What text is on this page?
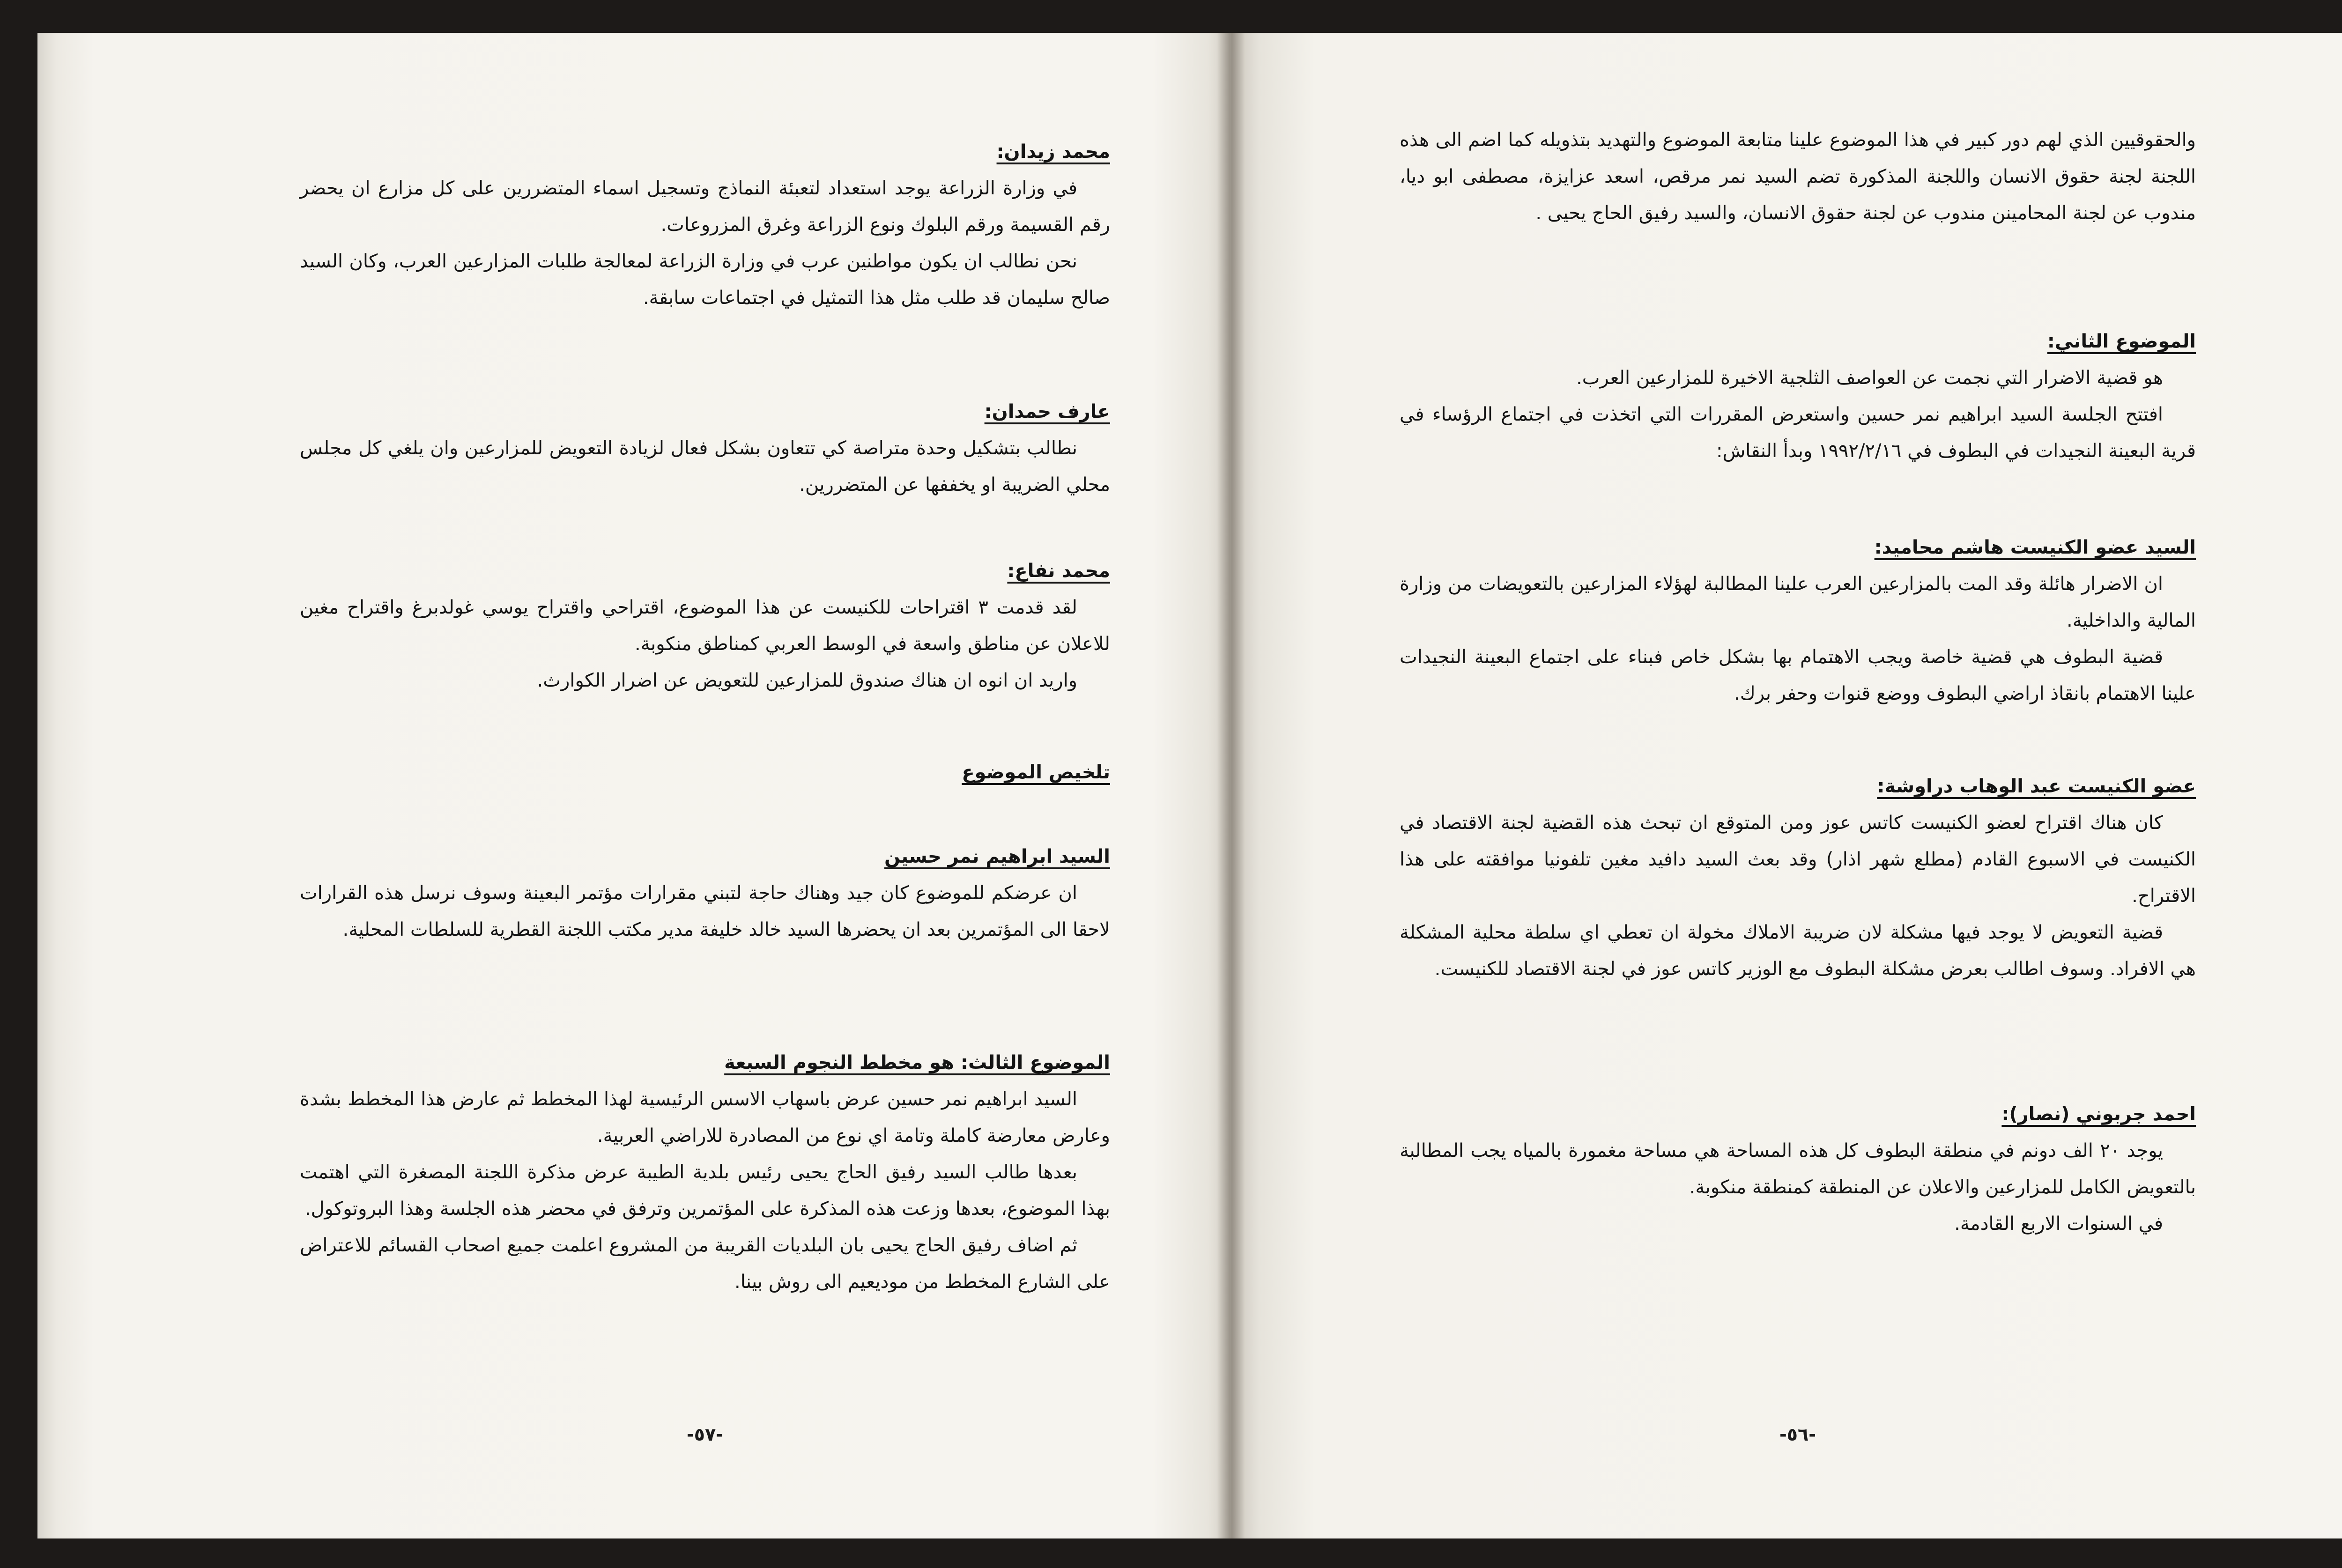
محمد زيدان:

في وزارة الزراعة يوجد استعداد لتعبئة النماذج وتسجيل اسماء المتضررين على كل مزارع ان يحضر رقم القسيمة ورقم البلوك ونوع الزراعة وغرق المزروعات.

نحن نطالب ان يكون مواطنين عرب في وزارة الزراعة لمعالجة طلبات المزارعين العرب، وكان السيد صالح سليمان قد طلب مثل هذا التمثيل في اجتماعات سابقة.

عارف حمدان:

نطالب بتشكيل وحدة متراصة كي تتعاون بشكل فعال لزيادة التعويض للمزارعين وان يلغي كل مجلس محلي الضريبة او يخففها عن المتضررين.

محمد نفاع:

لقد قدمت ٣ اقتراحات للكنيست عن هذا الموضوع، اقتراحي واقتراح يوسي غولدبرغ واقتراح مغين للاعلان عن مناطق واسعة في الوسط العربي كمناطق منكوبة.

واريد ان انوه ان هناك صندوق للمزارعين للتعويض عن اضرار الكوارث.

تلخيص الموضوع

السيد ابراهيم نمر حسين

ان عرضكم للموضوع كان جيد وهناك حاجة لتبني مقرارات مؤتمر البعينة وسوف نرسل هذه القرارات لاحقا الى المؤتمرين بعد ان يحضرها السيد خالد خليفة مدير مكتب اللجنة القطرية للسلطات المحلية.

الموضوع الثالث: هو مخطط النجوم السبعة

السيد ابراهيم نمر حسين عرض باسهاب الاسس الرئيسية لهذا المخطط ثم عارض هذا المخطط بشدة وعارض معارضة كاملة وتامة اي نوع من المصادرة للاراضي العربية.

بعدها طالب السيد رفيق الحاج يحيى رئيس بلدية الطيبة عرض مذكرة اللجنة المصغرة التي اهتمت بهذا الموضوع، بعدها وزعت هذه المذكرة على المؤتمرين وترفق في محضر هذه الجلسة وهذا البروتوكول.

ثم اضاف رفيق الحاج يحيى بان البلديات القريبة من المشروع اعلمت جميع اصحاب القسائم للاعتراض على الشارع المخطط من موديعيم الى روش بينا.

-٥٧-

والحقوقيين الذي لهم دور كبير في هذا الموضوع علينا متابعة الموضوع والتهديد بتذويله كما اضم الى هذه اللجنة لجنة حقوق الانسان واللجنة المذكورة تضم السيد نمر مرقص، اسعد عزايزة، مصطفى ابو ديا، مندوب عن لجنة المحامينن مندوب عن لجنة حقوق الانسان، والسيد رفيق الحاج يحيى .

الموضوع الثاني:

هو قضية الاضرار التي نجمت عن العواصف الثلجية الاخيرة للمزارعين العرب.

افتتح الجلسة السيد ابراهيم نمر حسين واستعرض المقررات التي اتخذت في اجتماع الرؤساء في قرية البعينة النجيدات في البطوف في ١٩٩٢/٢/١٦ وبدأ النقاش:

السيد عضو الكنيست هاشم محاميد:

ان الاضرار هائلة وقد المت بالمزارعين العرب علينا المطالبة لهؤلاء المزارعين بالتعويضات من وزارة المالية والداخلية.

قضية البطوف هي قضية خاصة ويجب الاهتمام بها بشكل خاص فبناء على اجتماع البعينة النجيدات علينا الاهتمام بانقاذ اراضي البطوف ووضع قنوات وحفر برك.

عضو الكنيست عبد الوهاب دراوشة:

كان هناك اقتراح لعضو الكنيست كاتس عوز ومن المتوقع ان تبحث هذه القضية لجنة الاقتصاد في الكنيست في الاسبوع القادم (مطلع شهر اذار) وقد بعث السيد دافيد مغين تلفونيا موافقته على هذا الاقتراح.

قضية التعويض لا يوجد فيها مشكلة لان ضريبة الاملاك مخولة ان تعطي اي سلطة محلية المشكلة هي الافراد. وسوف اطالب بعرض مشكلة البطوف مع الوزير كاتس عوز في لجنة الاقتصاد للكنيست.

احمد جربوني (نصار):

يوجد ٢٠ الف دونم في منطقة البطوف كل هذه المساحة هي مساحة مغمورة بالمياه يجب المطالبة بالتعويض الكامل للمزارعين والاعلان عن المنطقة كمنطقة منكوبة.

في السنوات الاربع القادمة.

-٥٦-
